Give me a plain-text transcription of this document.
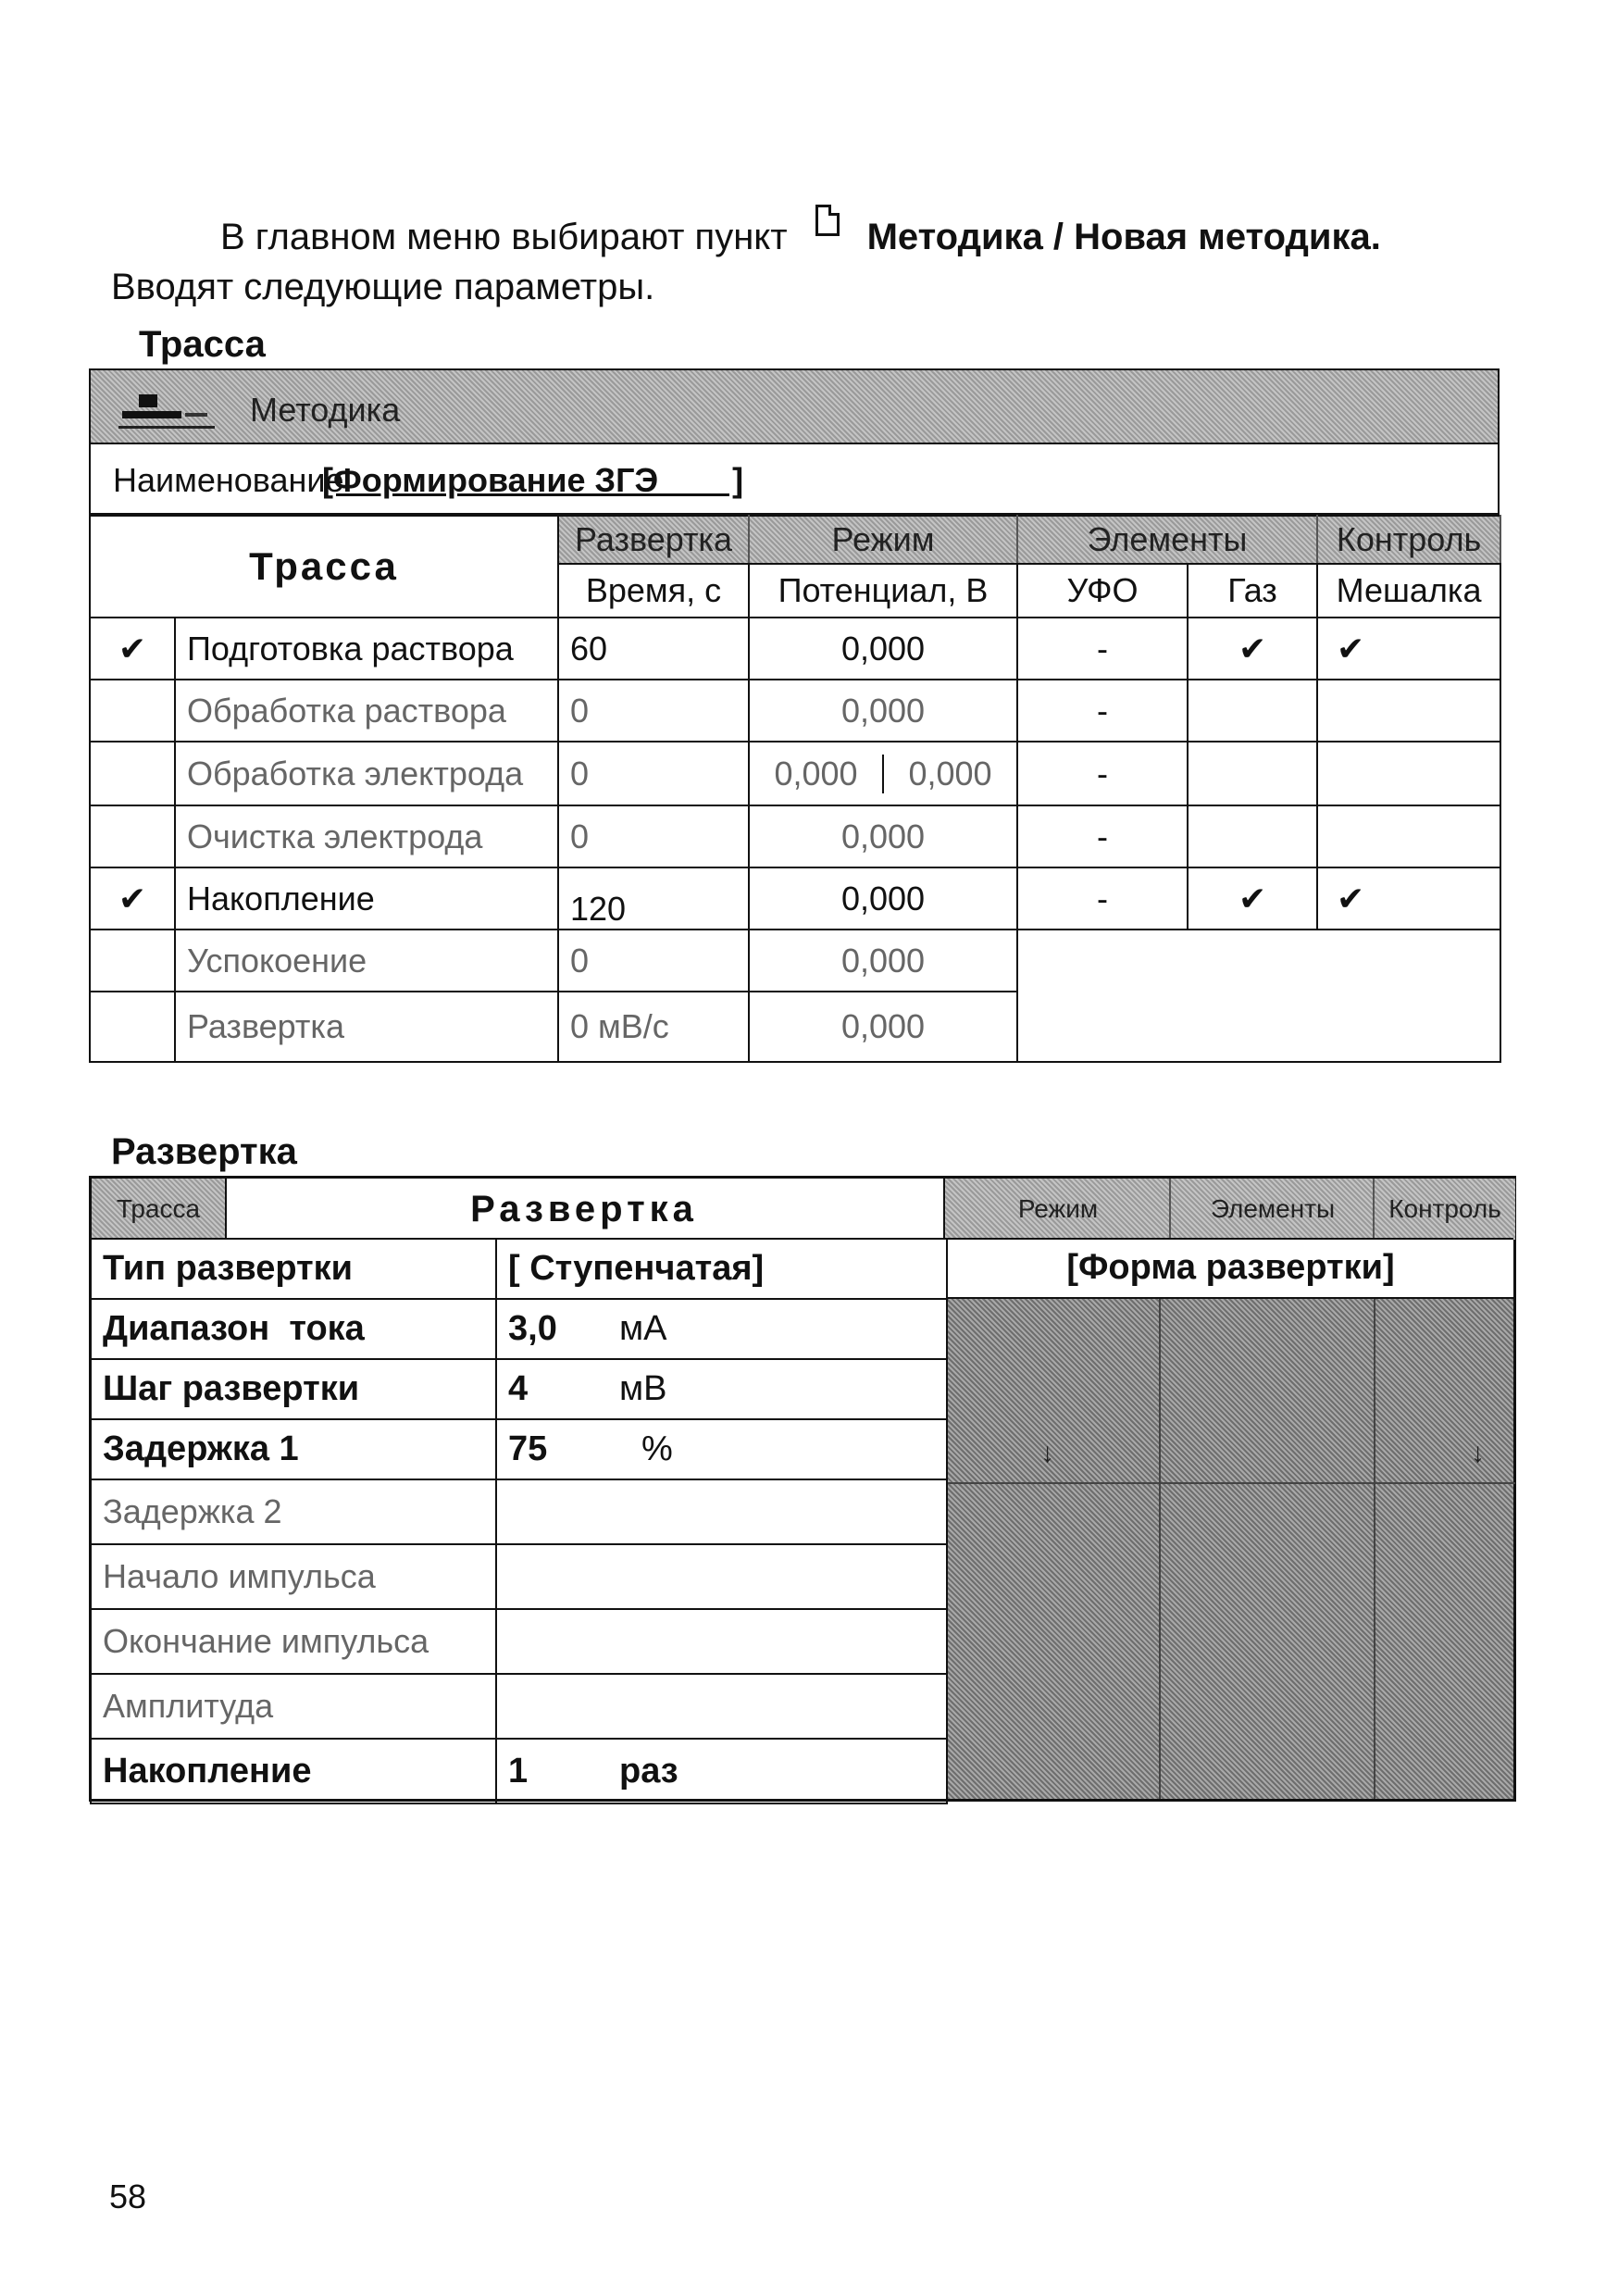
В главном меню выбирают пункт Методика / Новая методика.
Вводят следующие параметры.
Трасса
Методика
Наименование
[Формирование ЗГЭ        ]
Трасса		Развертка	Режим	Элементы		Контроль
		Время, с	Потенциал, В	УФО	Газ	Мешалка
✔	Подготовка раствора	60	0,000	-	✔	✔
	Обработка раствора	0	0,000	-		
	Обработка электрода	0	0,000 0,000	-		
	Очистка электрода	0	0,000	-		
✔	Накопление	120	0,000	-	✔	✔
	Успокоение	0	0,000			
	Развертка	0 мВ/с	0,000			
Развертка
Трасса	Развертка	Режим	Элементы	Контроль
Тип развертки	[ Ступенчатая]
Диапазон  тока	3,0 мА
Шаг развертки	4 мВ
Задержка 1	75 %
Задержка 2	
Начало импульса	
Окончание импульса	
Амплитуда	
Накопление	1 раз
[Форма развертки]
↓	↓
58
